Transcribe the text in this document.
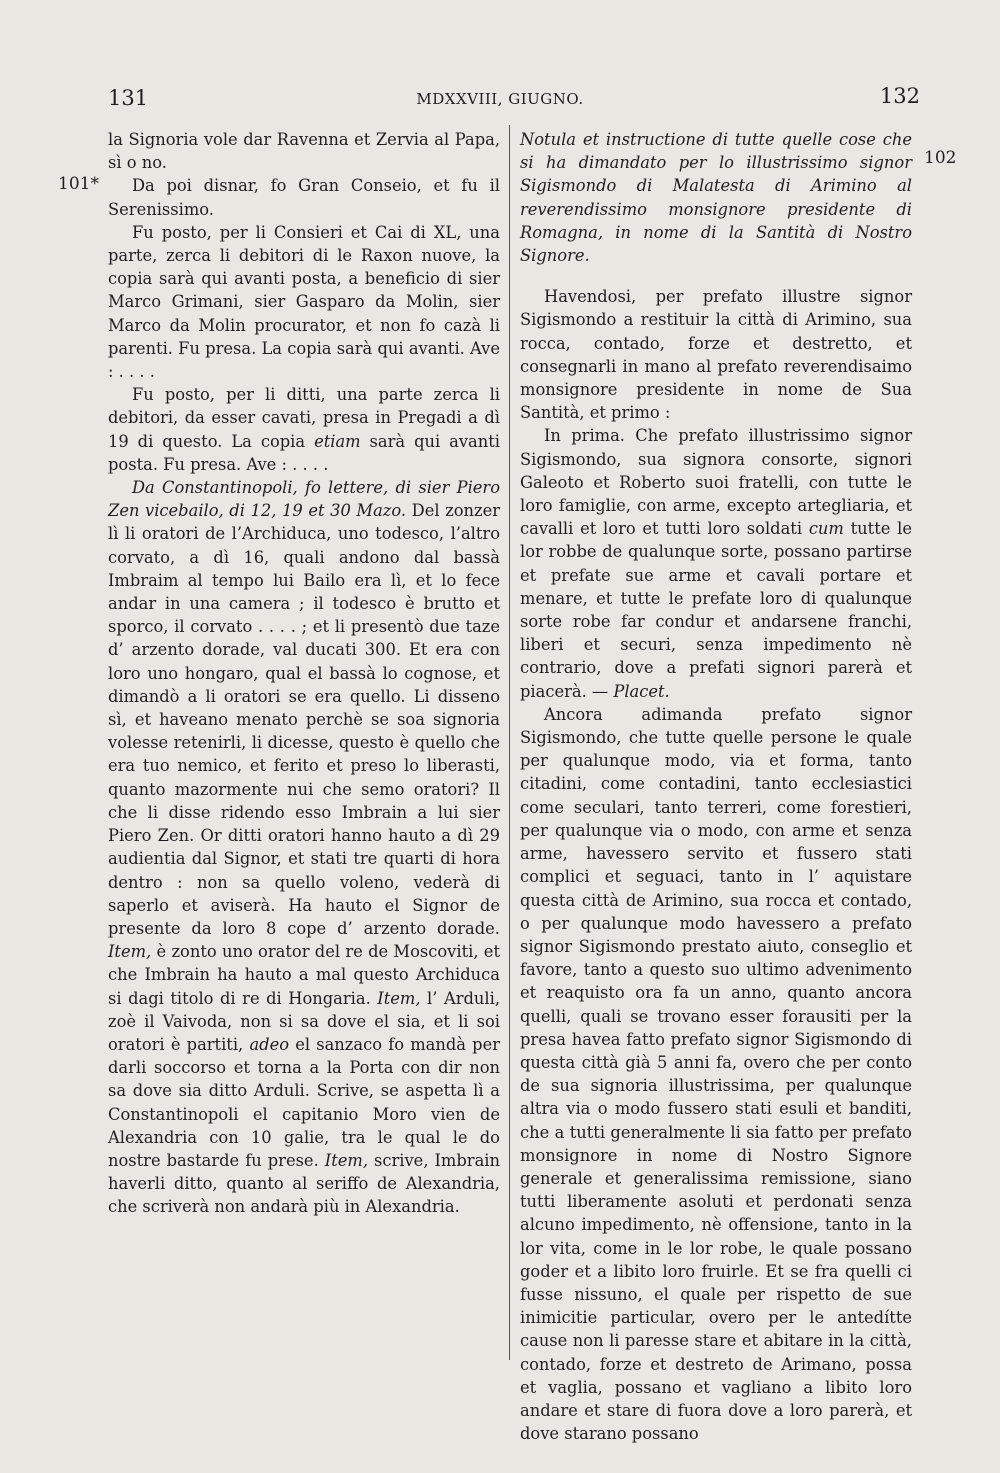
131	MDXXVIII, GIUGNO.	132
101*
102

la Signoria vole dar Ravenna et Zervia al Papa, sì o no.

Da poi disnar, fo Gran Conseio, et fu il Serenissimo.

Fu posto, per li Consieri et Cai di XL, una parte, zerca li debitori di le Raxon nuove, la copia sarà qui avanti posta, a beneficio di sier Marco Grimani, sier Gasparo da Molin, sier Marco da Molin procurator, et non fo cazà li parenti. Fu presa. La copia sarà qui avanti. Ave : . . . .

Fu posto, per li ditti, una parte zerca li debitori, da esser cavati, presa in Pregadi a dì 19 di questo. La copia etiam sarà qui avanti posta. Fu presa. Ave : . . . .

Da Constantinopoli, fo lettere, di sier Piero Zen vicebailo, di 12, 19 et 30 Mazo. Del zonzer lì li oratori de l’Archiduca, uno todesco, l’altro corvato, a dì 16, quali andono dal bassà Imbraim al tempo lui Bailo era lì, et lo fece andar in una camera ; il todesco è brutto et sporco, il corvato . . . . ; et li presentò due taze d’ arzento dorade, val ducati 300. Et era con loro uno hongaro, qual el bassà lo cognose, et dimandò a li oratori se era quello. Li disseno sì, et haveano menato perchè se soa signoria volesse retenirli, li dicesse, questo è quello che era tuo nemico, et ferito et preso lo liberasti, quanto mazormente nui che semo oratori? Il che li disse ridendo esso Imbrain a lui sier Piero Zen. Or ditti oratori hanno hauto a dì 29 audientia dal Signor, et stati tre quarti di hora dentro : non sa quello voleno, vederà di saperlo et aviserà. Ha hauto el Signor de presente da loro 8 cope d’ arzento dorade. Item, è zonto uno orator del re de Moscoviti, et che Imbrain ha hauto a mal questo Archiduca si dagi titolo di re di Hongaria. Item, l’ Arduli, zoè il Vaivoda, non si sa dove el sia, et li soi oratori è partiti, adeo el sanzaco fo mandà per darli soccorso et torna a la Porta con dir non sa dove sia ditto Arduli. Scrive, se aspetta lì a Constantinopoli el capitanio Moro vien de Alexandria con 10 galie, tra le qual le do nostre bastarde fu prese. Item, scrive, Imbrain haverli ditto, quanto al seriffo de Alexandria, che scriverà non andarà più in Alexandria.

Notula et instructione di tutte quelle cose che si ha dimandato per lo illustrissimo signor Sigismondo di Malatesta di Arimino al reverendissimo monsignore presidente di Romagna, in nome di la Santità di Nostro Signore.

Havendosi, per prefato illustre signor Sigismondo a restituir la città di Arimino, sua rocca, contado, forze et destretto, et consegnarli in mano al prefato reverendisaimo monsignore presidente in nome de Sua Santità, et primo :

In prima. Che prefato illustrissimo signor Sigismondo, sua signora consorte, signori Galeoto et Roberto suoi fratelli, con tutte le loro famiglie, con arme, excepto artegliaria, et cavalli et loro et tutti loro soldati cum tutte le lor robbe de qualunque sorte, possano partirse et prefate sue arme et cavali portare et menare, et tutte le prefate loro di qualunque sorte robe far condur et andarsene franchi, liberi et securi, senza impedimento nè contrario, dove a prefati signori parerà et piacerà. — Placet.

Ancora adimanda prefato signor Sigismondo, che tutte quelle persone le quale per qualunque modo, via et forma, tanto citadini, come contadini, tanto ecclesiastici come seculari, tanto terreri, come forestieri, per qualunque via o modo, con arme et senza arme, havessero servito et fussero stati complici et seguaci, tanto in l’ aquistare questa città de Arimino, sua rocca et contado, o per qualunque modo havessero a prefato signor Sigismondo prestato aiuto, conseglio et favore, tanto a questo suo ultimo advenimento et reaquisto ora fa un anno, quanto ancora quelli, quali se trovano esser forausiti per la presa havea fatto prefato signor Sigismondo di questa città già 5 anni fa, overo che per conto de sua signoria illustrissima, per qualunque altra via o modo fussero stati esuli et banditi, che a tutti generalmente li sia fatto per prefato monsignore in nome di Nostro Signore generale et generalissima remissione, siano tutti liberamente asoluti et perdonati senza alcuno impedimento, nè offensione, tanto in la lor vita, come in le lor robe, le quale possano goder et a libito loro fruirle. Et se fra quelli ci fusse nissuno, el quale per rispetto de sue inimicitie particular, overo per le antedítte cause non li paresse stare et abitare in la città, contado, forze et destreto de Arimano, possa et vaglia, possano et vagliano a libito loro andare et stare di fuora dove a loro parerà, et dove starano possano
